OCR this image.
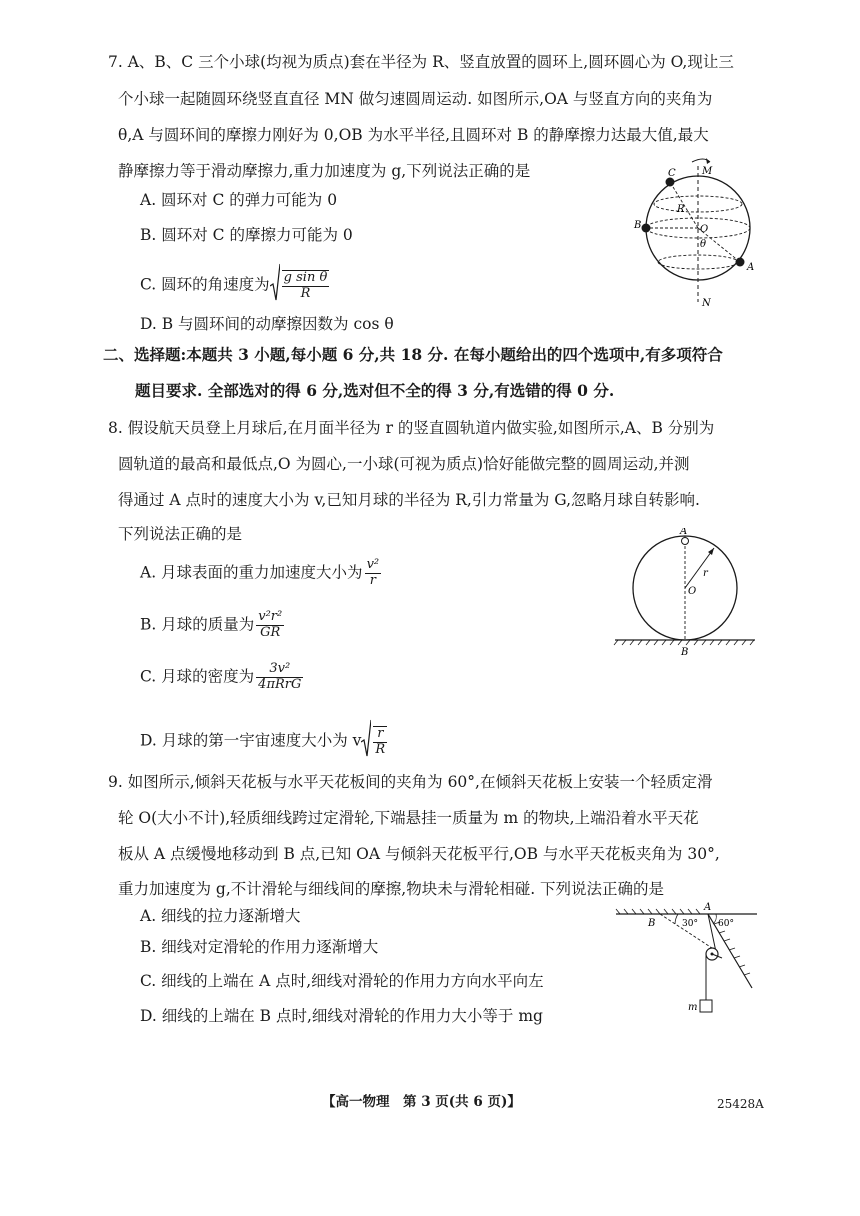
7. A、B、C 三个小球(均视为质点)套在半径为 R、竖直放置的圆环上,圆环圆心为 O,现让三
个小球一起随圆环绕竖直直径 MN 做匀速圆周运动. 如图所示,OA 与竖直方向的夹角为
θ,A 与圆环间的摩擦力刚好为 0,OB 为水平半径,且圆环对 B 的静摩擦力达最大值,最大
静摩擦力等于滑动摩擦力,重力加速度为 g,下列说法正确的是
A. 圆环对 C 的弹力可能为 0
B. 圆环对 C 的摩擦力可能为 0
C. 圆环的角速度为 $\frac{\text{g sin θ}}{R}$
D. B 与圆环间的动摩擦因数为 cos θ
M
N
C
B
A
O
R
θ
二、选择题:本题共 3 小题,每小题 6 分,共 18 分. 在每小题给出的四个选项中,有多项符合
题目要求. 全部选对的得 6 分,选对但不全的得 3 分,有选错的得 0 分.
8. 假设航天员登上月球后,在月面半径为 r 的竖直圆轨道内做实验,如图所示,A、B 分别为
圆轨道的最高和最低点,O 为圆心,一小球(可视为质点)恰好能做完整的圆周运动,并测
得通过 A 点时的速度大小为 v,已知月球的半径为 R,引力常量为 G,忽略月球自转影响.
下列说法正确的是
A. 月球表面的重力加速度大小为 $\frac{\text{v²}}{r}$
B. 月球的质量为 $\frac{\text{v²r²}}{GR}$
C. 月球的密度为 $\frac{\text{3v²}}{\text{4πRrG}}$
D. 月球的第一宇宙速度大小为 v $\frac{r}{R}$
A
O
r
B
9. 如图所示,倾斜天花板与水平天花板间的夹角为 60°,在倾斜天花板上安装一个轻质定滑
轮 O(大小不计),轻质细线跨过定滑轮,下端悬挂一质量为 m 的物块,上端沿着水平天花
板从 A 点缓慢地移动到 B 点,已知 OA 与倾斜天花板平行,OB 与水平天花板夹角为 30°,
重力加速度为 g,不计滑轮与细线间的摩擦,物块未与滑轮相碰. 下列说法正确的是
A. 细线的拉力逐渐增大
B. 细线对定滑轮的作用力逐渐增大
C. 细线的上端在 A 点时,细线对滑轮的作用力方向水平向左
D. 细线的上端在 B 点时,细线对滑轮的作用力大小等于 mg
A
B	30° 60°
m
【高一物理　第 3 页(共 6 页)】	25428A
